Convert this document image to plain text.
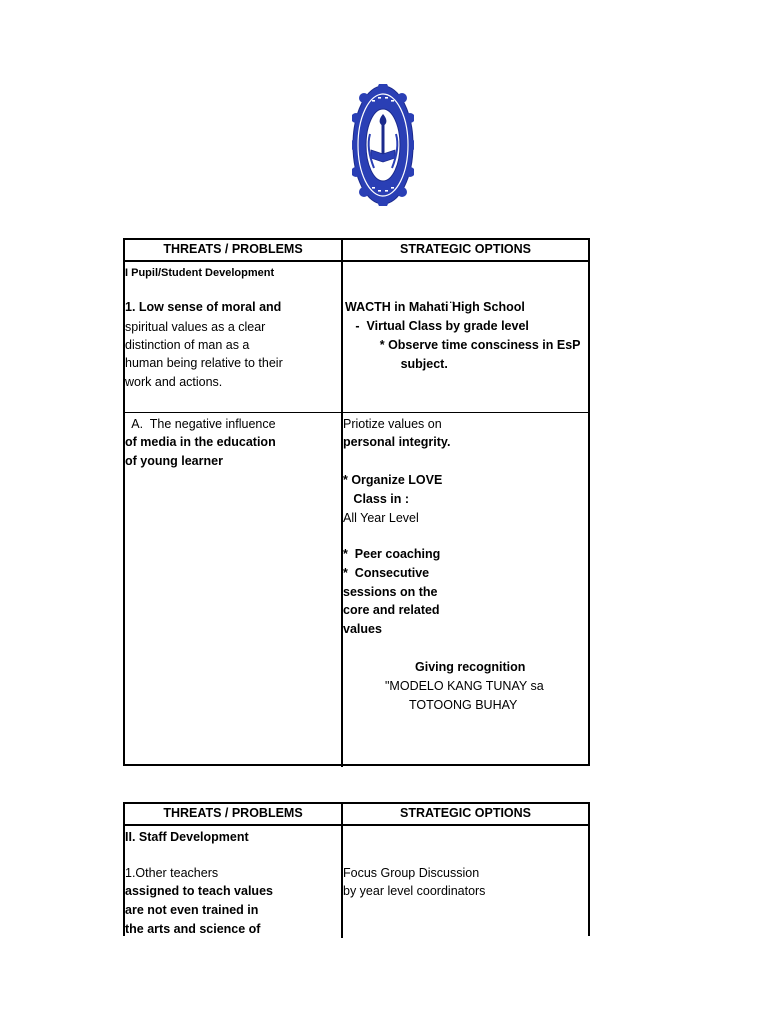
THREATS / PROBLEMS	STRATEGIC OPTIONS
I Pupil/Student Development
1. Low sense of moral and
spiritual values as a clear
distinction of man as a
human being relative to their
work and actions.
WACTH in Mahati ̈High School
-  Virtual Class by grade level
* Observe time consciness in EsP
subject.
A.  The negative influence
of media in the education
of young learner
Priotize values on
personal integrity.
* Organize LOVE
Class in :
All Year Level
*  Peer coaching
*  Consecutive
sessions on the
core and related
values
Giving recognition
"MODELO KANG TUNAY sa
TOTOONG BUHAY
THREATS / PROBLEMS	STRATEGIC OPTIONS
II. Staff Development
1.Other teachers
assigned to teach values
are not even trained in
the arts and science of
Focus Group Discussion
by year level coordinators
